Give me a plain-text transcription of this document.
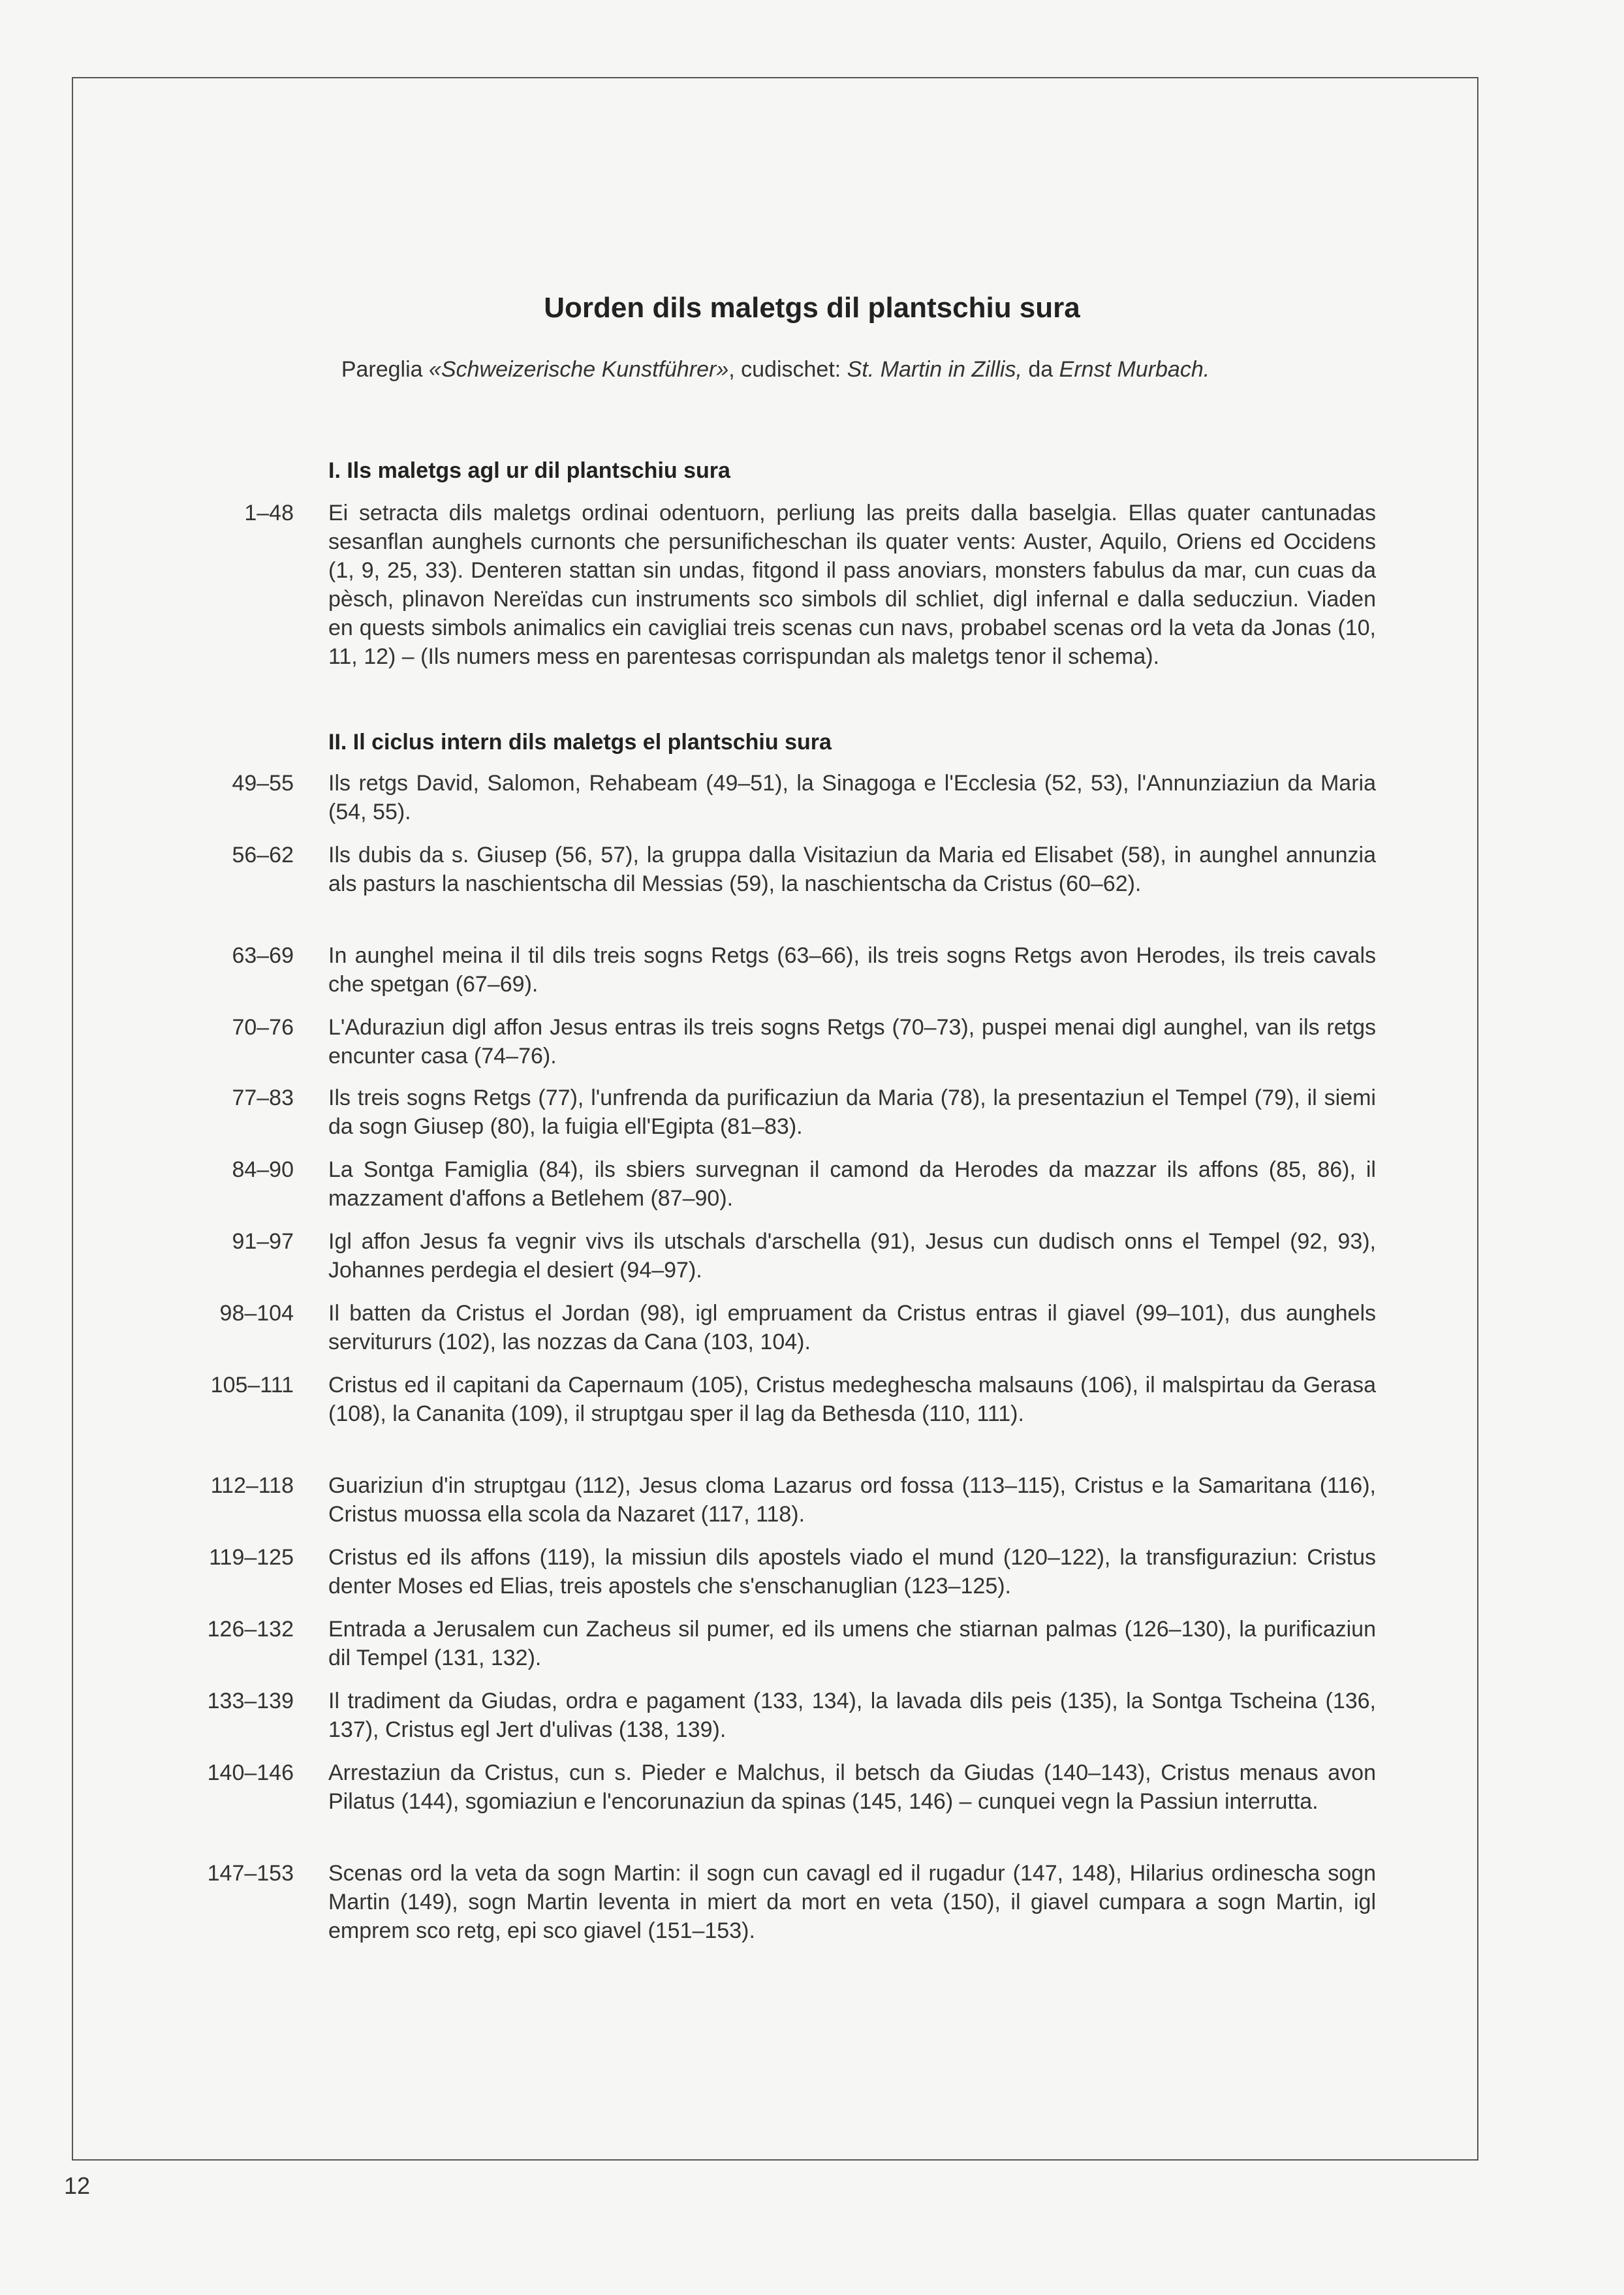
Uorden dils maletgs dil plantschiu sura

Pareglia «Schweizerische Kunstführer», cudischet: St. Martin in Zillis, da Ernst Murbach.

I. Ils maletgs agl ur dil plantschiu sura
1–48 Ei setracta dils maletgs ordinai odentuorn, perliung las preits dalla baselgia. Ellas quater cantunadas sesanflan aunghels curnonts che persunificheschan ils quater vents: Auster, Aquilo, Oriens ed Occidens (1, 9, 25, 33). Denteren stattan sin undas, fitgond il pass anoviars, monsters fabulus da mar, cun cuas da pèsch, plinavon Nereïdas cun instruments sco simbols dil schliet, digl infernal e dalla seducziun. Viaden en quests simbols animalics ein cavigliai treis scenas cun navs, probabel scenas ord la veta da Jonas (10, 11, 12) – (Ils numers mess en parentesas corrispundan als maletgs tenor il schema).

II. Il ciclus intern dils maletgs el plantschiu sura
49–55 Ils retgs David, Salomon, Rehabeam (49–51), la Sinagoga e l'Ecclesia (52, 53), l'Annunziaziun da Maria (54, 55).

56–62 Ils dubis da s. Giusep (56, 57), la gruppa dalla Visitaziun da Maria ed Elisabet (58), in aunghel annunzia als pasturs la naschientscha dil Messias (59), la naschientscha da Cristus (60–62).

63–69 In aunghel meina il til dils treis sogns Retgs (63–66), ils treis sogns Retgs avon Herodes, ils treis cavals che spetgan (67–69).

70–76 L'Aduraziun digl affon Jesus entras ils treis sogns Retgs (70–73), puspei menai digl aunghel, van ils retgs encunter casa (74–76).

77–83 Ils treis sogns Retgs (77), l'unfrenda da purificaziun da Maria (78), la presentaziun el Tempel (79), il siemi da sogn Giusep (80), la fuigia ell'Egipta (81–83).

84–90 La Sontga Famiglia (84), ils sbiers survegnan il camond da Herodes da mazzar ils affons (85, 86), il mazzament d'affons a Betlehem (87–90).

91–97 Igl affon Jesus fa vegnir vivs ils utschals d'arschella (91), Jesus cun dudisch onns el Tempel (92, 93), Johannes perdegia el desiert (94–97).

98–104 Il batten da Cristus el Jordan (98), igl empruament da Cristus entras il giavel (99–101), dus aunghels servitururs (102), las nozzas da Cana (103, 104).

105–111 Cristus ed il capitani da Capernaum (105), Cristus medeghescha malsauns (106), il malspirtau da Gerasa (108), la Cananita (109), il struptgau sper il lag da Bethesda (110, 111).

112–118 Guariziun d'in struptgau (112), Jesus cloma Lazarus ord fossa (113–115), Cristus e la Samaritana (116), Cristus muossa ella scola da Nazaret (117, 118).

119–125 Cristus ed ils affons (119), la missiun dils apostels viado el mund (120–122), la transfiguraziun: Cristus denter Moses ed Elias, treis apostels che s'enschanuglian (123–125).

126–132 Entrada a Jerusalem cun Zacheus sil pumer, ed ils umens che stiarnan palmas (126–130), la purificaziun dil Tempel (131, 132).

133–139 Il tradiment da Giudas, ordra e pagament (133, 134), la lavada dils peis (135), la Sontga Tscheina (136, 137), Cristus egl Jert d'ulivas (138, 139).

140–146 Arrestaziun da Cristus, cun s. Pieder e Malchus, il betsch da Giudas (140–143), Cristus menaus avon Pilatus (144), sgomiaziun e l'encorunaziun da spinas (145, 146) – cunquei vegn la Passiun interrutta.

147–153 Scenas ord la veta da sogn Martin: il sogn cun cavagl ed il rugadur (147, 148), Hilarius ordinescha sogn Martin (149), sogn Martin leventa in miert da mort en veta (150), il giavel cumpara a sogn Martin, igl emprem sco retg, epi sco giavel (151–153).

12
